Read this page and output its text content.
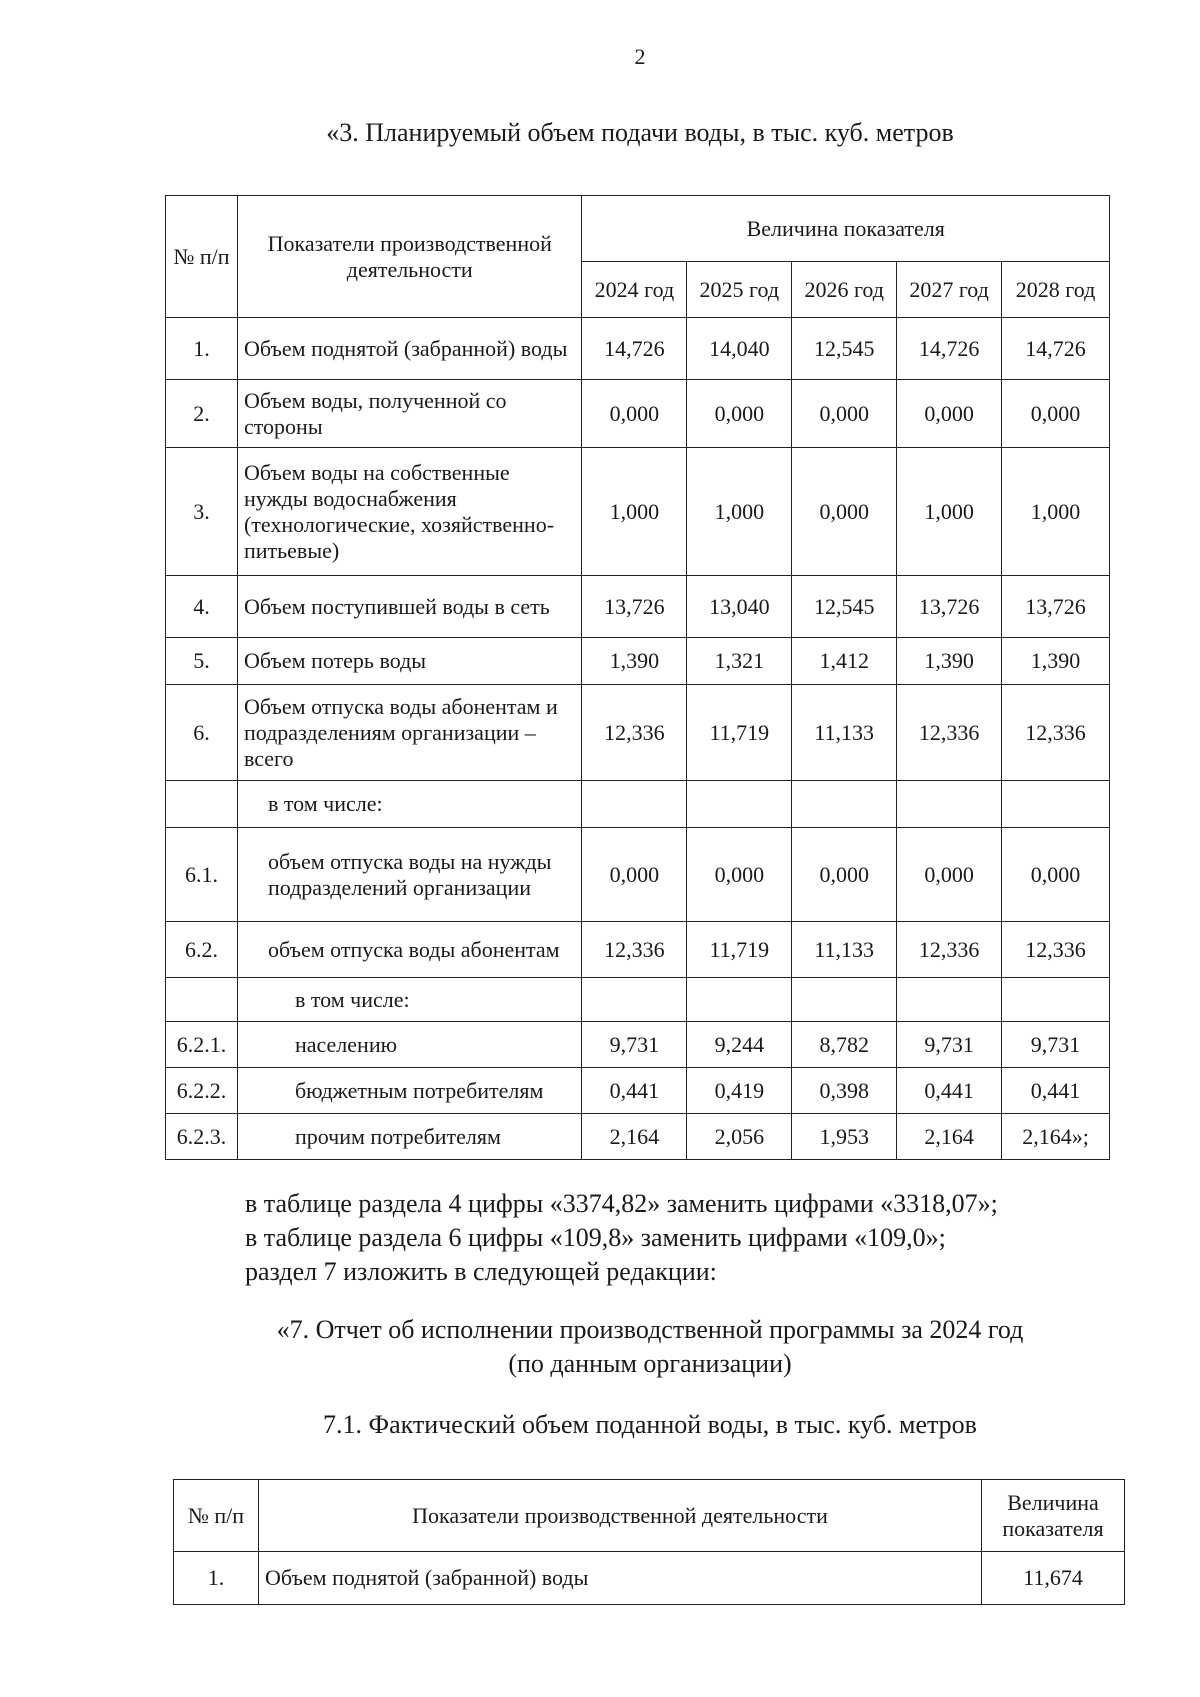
2
«3. Планируемый объем подачи воды, в тыс. куб. метров
№ п/п	Показатели производственной деятельности	Величина показателя				
		2024 год	2025 год	2026 год	2027 год	2028 год
1.	Объем поднятой (забранной) воды	14,726	14,040	12,545	14,726	14,726
2.	Объем воды, полученной со стороны	0,000	0,000	0,000	0,000	0,000
3.	Объем воды на собственные нужды водоснабжения (технологические, хозяйственно-питьевые)	1,000	1,000	0,000	1,000	1,000
4.	Объем поступившей воды в сеть	13,726	13,040	12,545	13,726	13,726
5.	Объем потерь воды	1,390	1,321	1,412	1,390	1,390
6.	Объем отпуска воды абонентам и подразделениям организации – всего	12,336	11,719	11,133	12,336	12,336
	в том числе:					
6.1.	объем отпуска воды на нужды подразделений организации	0,000	0,000	0,000	0,000	0,000
6.2.	объем отпуска воды абонентам	12,336	11,719	11,133	12,336	12,336
	в том числе:					
6.2.1.	населению	9,731	9,244	8,782	9,731	9,731
6.2.2.	бюджетным потребителям	0,441	0,419	0,398	0,441	0,441
6.2.3.	прочим потребителям	2,164	2,056	1,953	2,164	2,164»;
в таблице раздела 4 цифры «3374,82» заменить цифрами «3318,07»;
в таблице раздела 6 цифры «109,8» заменить цифрами «109,0»;
раздел 7 изложить в следующей редакции:
«7. Отчет об исполнении производственной программы за 2024 год
(по данным организации)
7.1. Фактический объем поданной воды, в тыс. куб. метров
№ п/п	Показатели производственной деятельности	Величина показателя
1.	Объем поднятой (забранной) воды	11,674
